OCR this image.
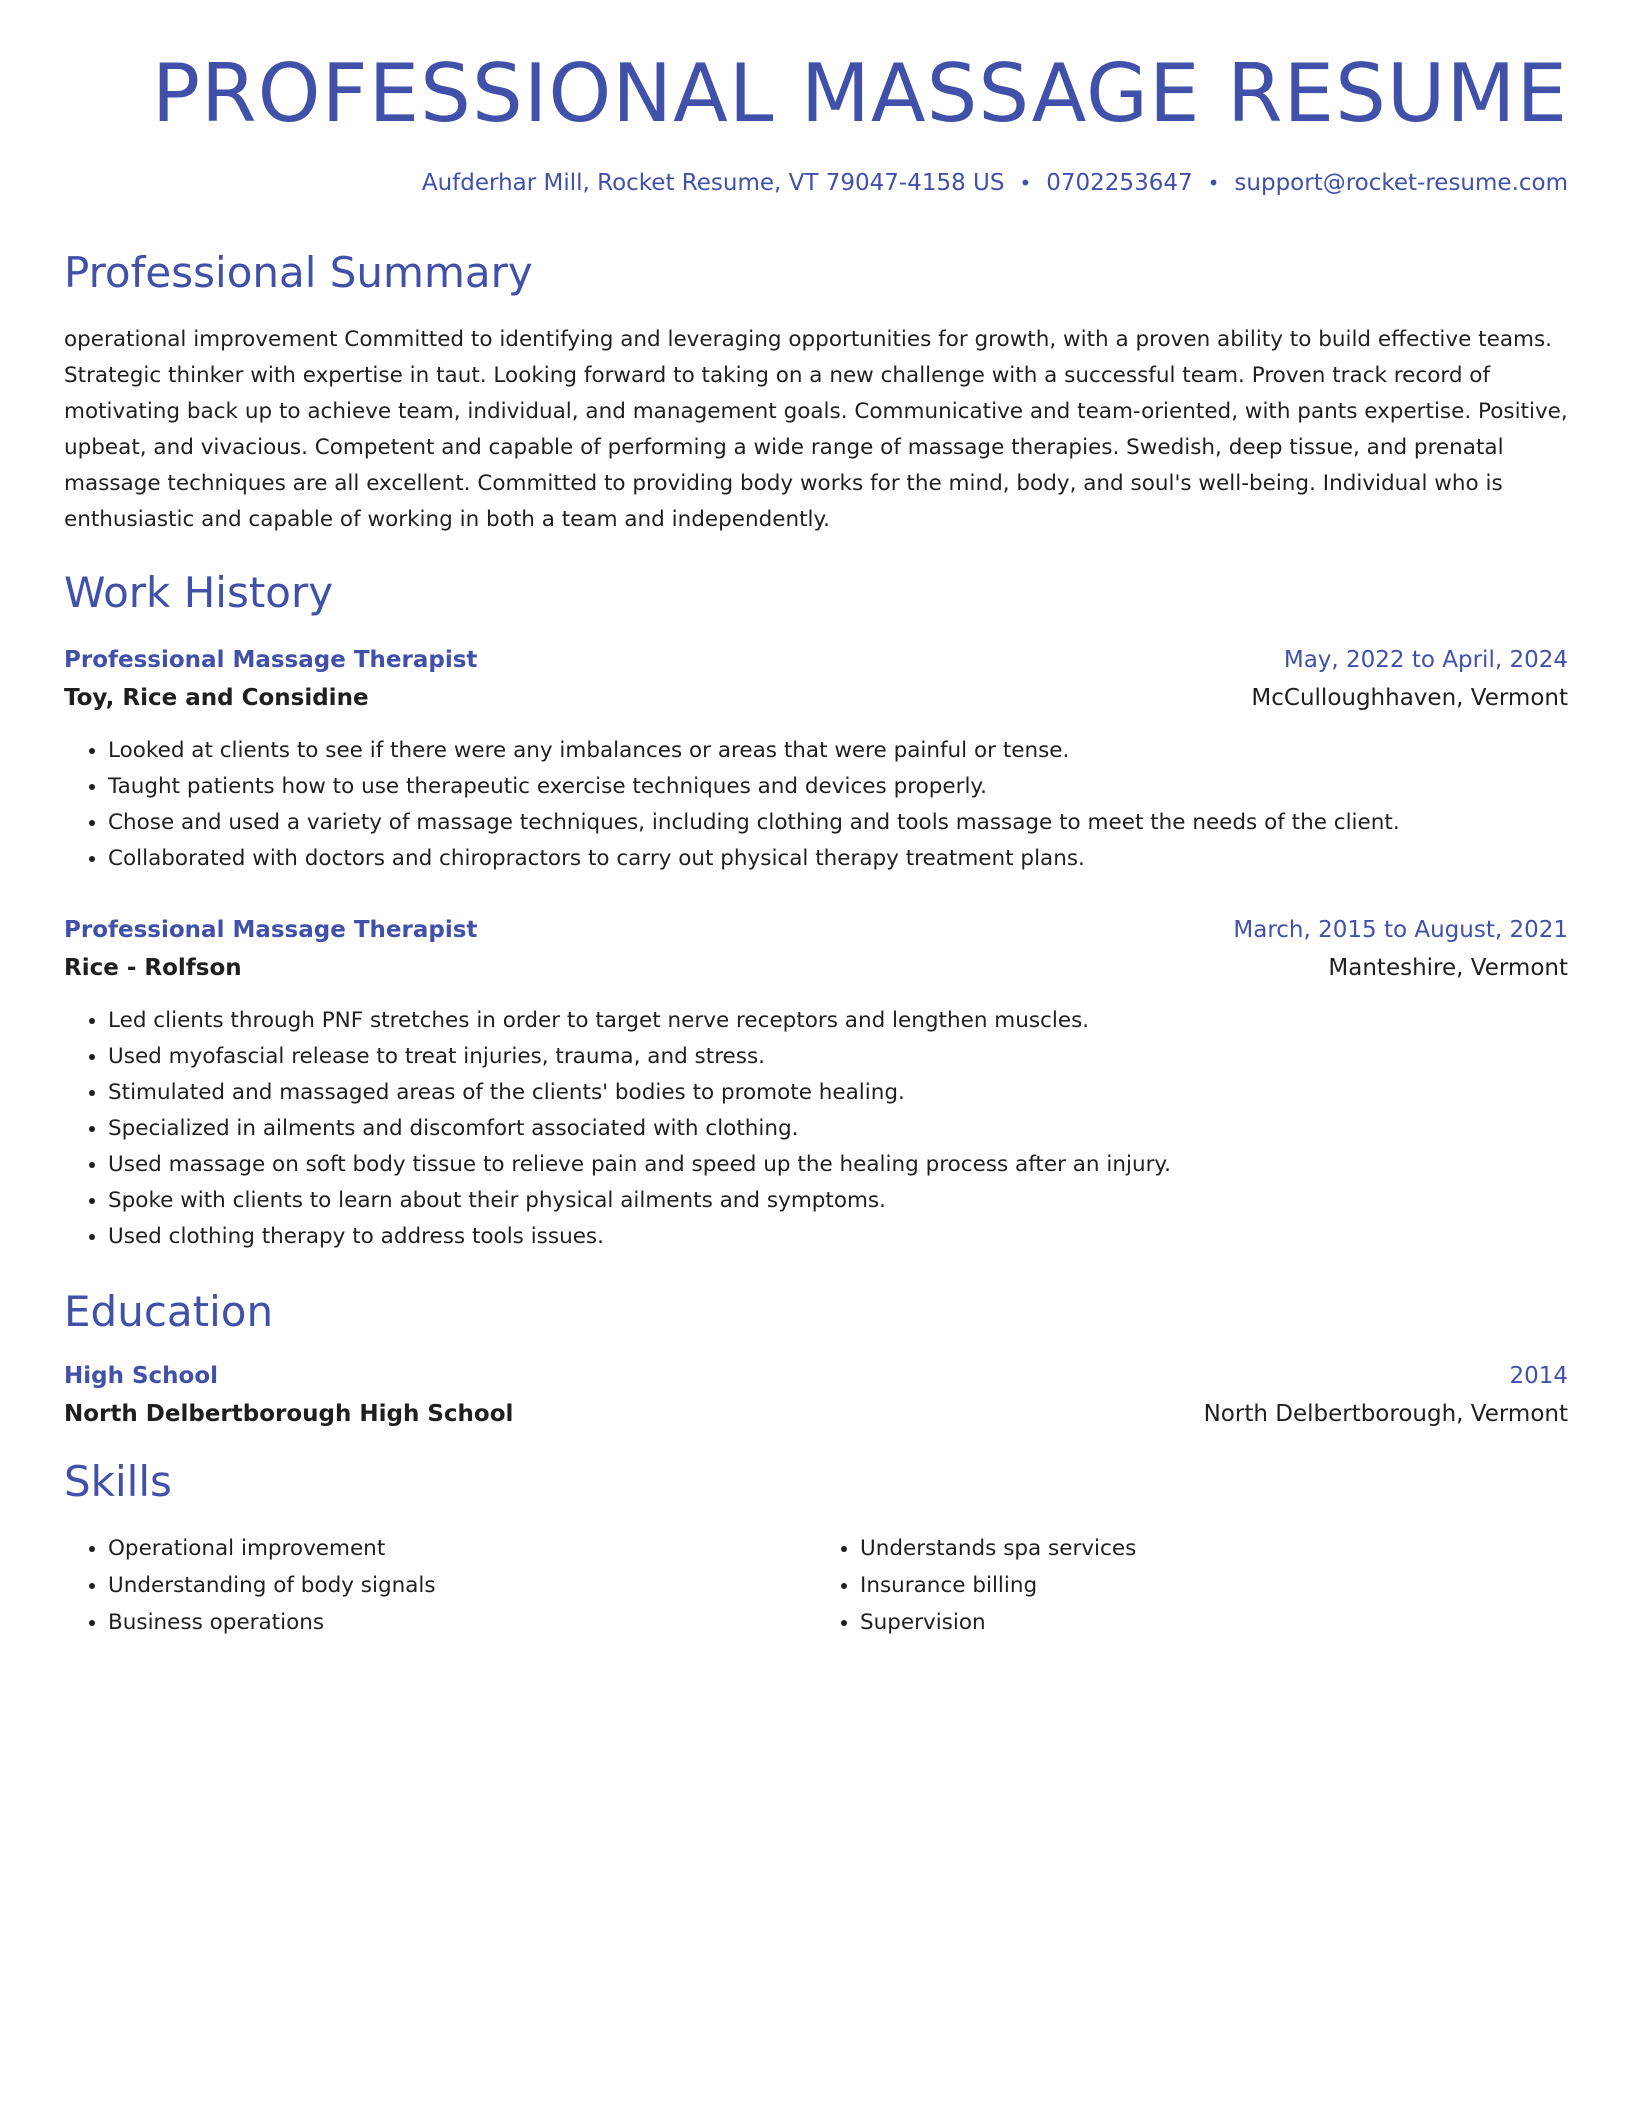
PROFESSIONAL MASSAGE RESUME
Aufderhar Mill, Rocket Resume, VT 79047-4158 US • 0702253647 • support@rocket-resume.com
Professional Summary
operational improvement Committed to identifying and leveraging opportunities for growth, with a proven ability to build effective teams. Strategic thinker with expertise in taut. Looking forward to taking on a new challenge with a successful team. Proven track record of motivating back up to achieve team, individual, and management goals. Communicative and team-oriented, with pants expertise. Positive, upbeat, and vivacious. Competent and capable of performing a wide range of massage therapies. Swedish, deep tissue, and prenatal massage techniques are all excellent. Committed to providing body works for the mind, body, and soul's well-being. Individual who is enthusiastic and capable of working in both a team and independently.
Work History
Professional Massage Therapist	May, 2022 to April, 2024
Toy, Rice and Considine	McCulloughhaven, Vermont
• Looked at clients to see if there were any imbalances or areas that were painful or tense.
• Taught patients how to use therapeutic exercise techniques and devices properly.
• Chose and used a variety of massage techniques, including clothing and tools massage to meet the needs of the client.
• Collaborated with doctors and chiropractors to carry out physical therapy treatment plans.
Professional Massage Therapist	March, 2015 to August, 2021
Rice - Rolfson	Manteshire, Vermont
• Led clients through PNF stretches in order to target nerve receptors and lengthen muscles.
• Used myofascial release to treat injuries, trauma, and stress.
• Stimulated and massaged areas of the clients' bodies to promote healing.
• Specialized in ailments and discomfort associated with clothing.
• Used massage on soft body tissue to relieve pain and speed up the healing process after an injury.
• Spoke with clients to learn about their physical ailments and symptoms.
• Used clothing therapy to address tools issues.
Education
High School	2014
North Delbertborough High School	North Delbertborough, Vermont
Skills
• Operational improvement
• Understanding of body signals
• Business operations
• Understands spa services
• Insurance billing
• Supervision
